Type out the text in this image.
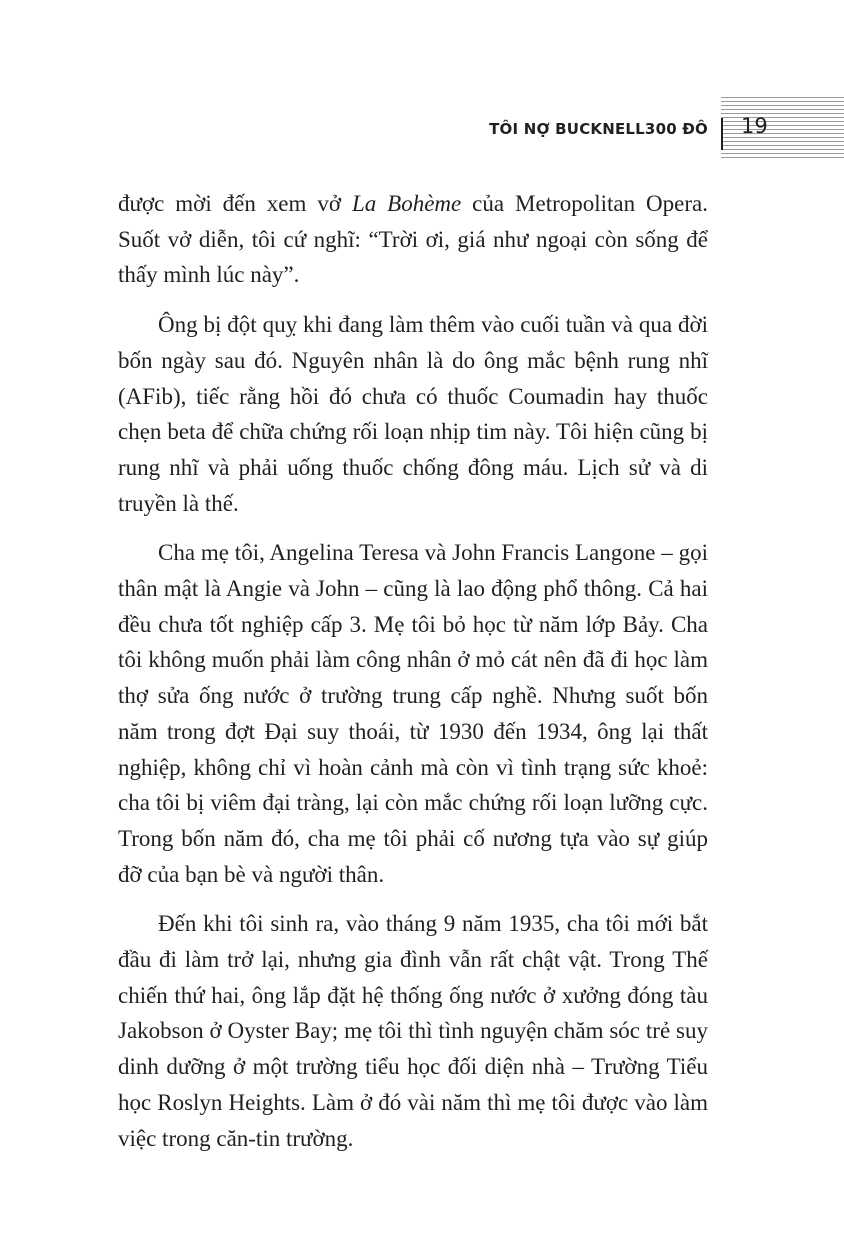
TÔI NỢ BUCKNELL300 ĐÔ 19

được mời đến xem vở La Bohème của Metropolitan Opera. Suốt vở diễn, tôi cứ nghĩ: “Trời ơi, giá như ngoại còn sống để thấy mình lúc này”.

Ông bị đột quỵ khi đang làm thêm vào cuối tuần và qua đời bốn ngày sau đó. Nguyên nhân là do ông mắc bệnh rung nhĩ (AFib), tiếc rằng hồi đó chưa có thuốc Coumadin hay thuốc chẹn beta để chữa chứng rối loạn nhịp tim này. Tôi hiện cũng bị rung nhĩ và phải uống thuốc chống đông máu. Lịch sử và di truyền là thế.

Cha mẹ tôi, Angelina Teresa và John Francis Langone – gọi thân mật là Angie và John – cũng là lao động phổ thông. Cả hai đều chưa tốt nghiệp cấp 3. Mẹ tôi bỏ học từ năm lớp Bảy. Cha tôi không muốn phải làm công nhân ở mỏ cát nên đã đi học làm thợ sửa ống nước ở trường trung cấp nghề. Nhưng suốt bốn năm trong đợt Đại suy thoái, từ 1930 đến 1934, ông lại thất nghiệp, không chỉ vì hoàn cảnh mà còn vì tình trạng sức khoẻ: cha tôi bị viêm đại tràng, lại còn mắc chứng rối loạn lưỡng cực. Trong bốn năm đó, cha mẹ tôi phải cố nương tựa vào sự giúp đỡ của bạn bè và người thân.

Đến khi tôi sinh ra, vào tháng 9 năm 1935, cha tôi mới bắt đầu đi làm trở lại, nhưng gia đình vẫn rất chật vật. Trong Thế chiến thứ hai, ông lắp đặt hệ thống ống nước ở xưởng đóng tàu Jakobson ở Oyster Bay; mẹ tôi thì tình nguyện chăm sóc trẻ suy dinh dưỡng ở một trường tiểu học đối diện nhà – Trường Tiểu học Roslyn Heights. Làm ở đó vài năm thì mẹ tôi được vào làm việc trong căn-tin trường.
